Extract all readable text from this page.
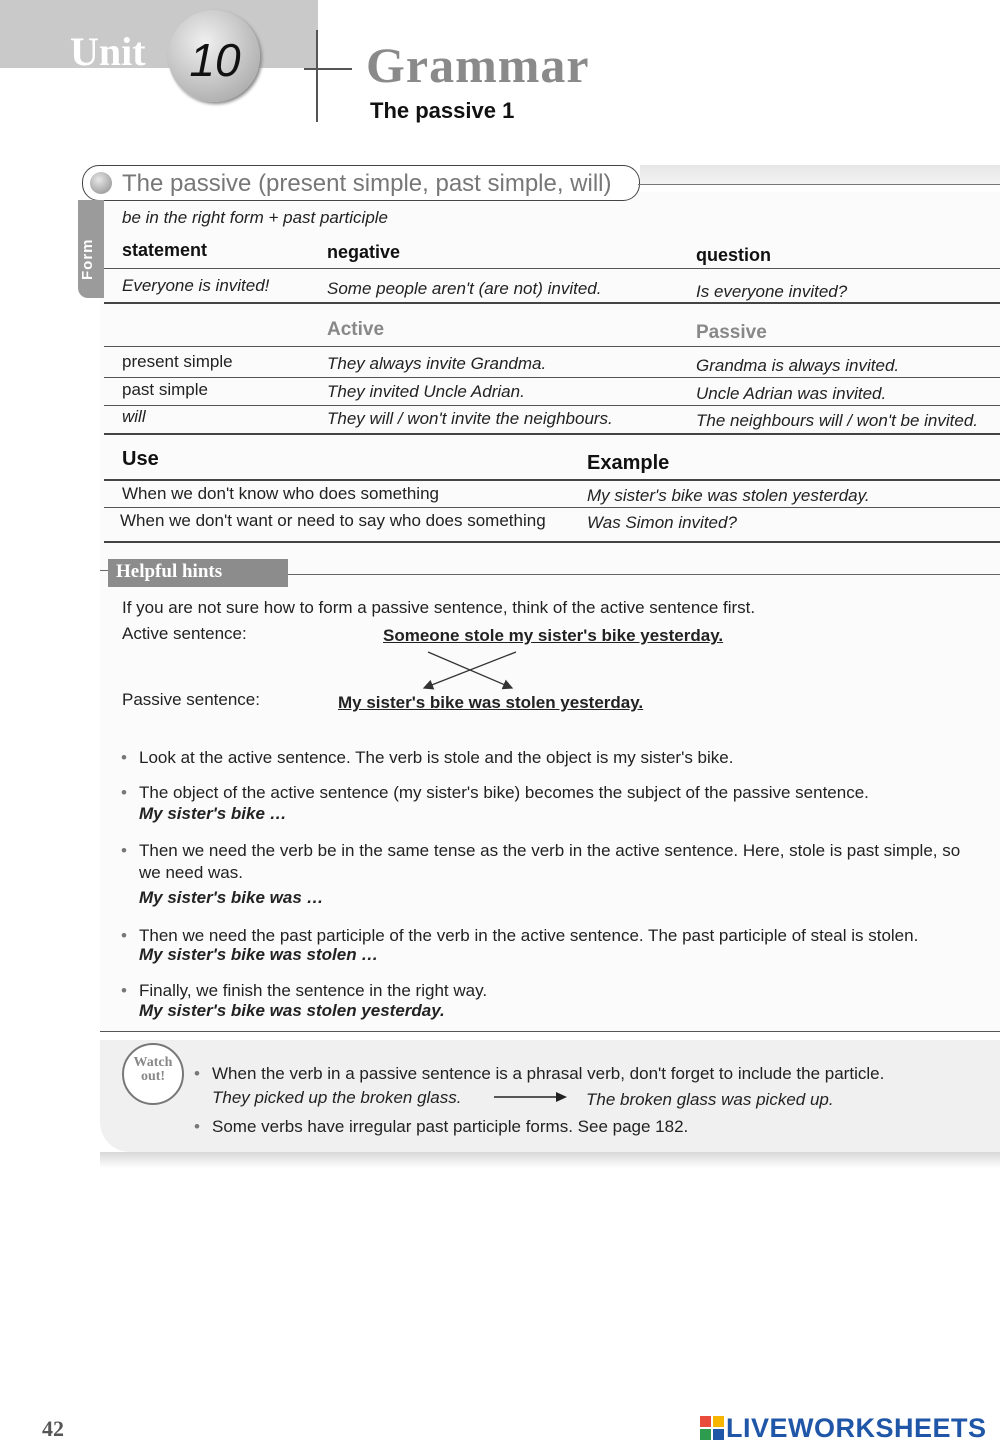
Unit 10	Grammar
The passive 1
The passive (present simple, past simple, will)
Form
be in the right form + past participle
statement	negative	question
Everyone is invited!	Some people aren't (are not) invited.	Is everyone invited?
Active	Passive
present simple	They always invite Grandma.	Grandma is always invited.
past simple	They invited Uncle Adrian.	Uncle Adrian was invited.
will	They will / won't invite the neighbours.	The neighbours will / won't be invited.
Use	Example
When we don't know who does something	My sister's bike was stolen yesterday.
When we don't want or need to say who does something Was Simon invited?
Helpful hints
If you are not sure how to form a passive sentence, think of the active sentence first.
Active sentence:	Someone stole my sister's bike yesterday.
Passive sentence:	My sister's bike was stolen yesterday.
• Look at the active sentence. The verb is stole and the object is my sister's bike.
• The object of the active sentence (my sister's bike) becomes the subject of the passive sentence.
My sister's bike …
• Then we need the verb be in the same tense as the verb in the active sentence. Here, stole is past simple, so we need was.
My sister's bike was …
• Then we need the past participle of the verb in the active sentence. The past participle of steal is stolen.
My sister's bike was stolen …
• Finally, we finish the sentence in the right way.
My sister's bike was stolen yesterday.
Watch out!
•	When the verb in a passive sentence is a phrasal verb, don't forget to include the particle.
They picked up the broken glass.	The broken glass was picked up.
• Some verbs have irregular past participle forms. See page 182.
42	LIVEWORKSHEETS
